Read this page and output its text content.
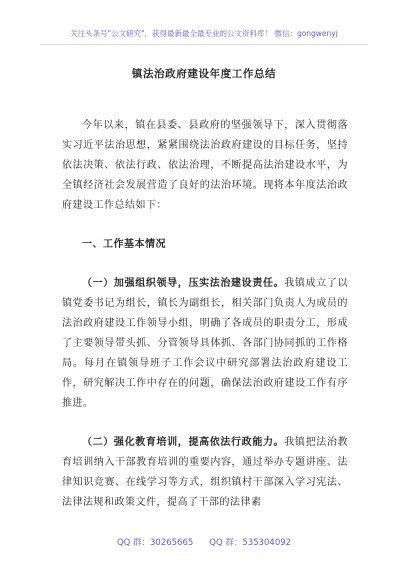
关注头条号"公文研究"，获得最新最全最专业的公文资料库！ 微信：gongwenyj
镇法治政府建设年度工作总结

今年以来，镇在县委、县政府的坚强领导下，深入贯彻落实习近平法治思想，紧紧围绕法治政府建设的目标任务，坚持依法决策、依法行政、依法治理，不断提高法治建设水平，为全镇经济社会发展营造了良好的法治环境。现将本年度法治政府建设工作总结如下：

一、工作基本情况

（一）加强组织领导，压实法治建设责任。我镇成立了以镇党委书记为组长，镇长为副组长，相关部门负责人为成员的法治政府建设工作领导小组，明确了各成员的职责分工，形成了主要领导带头抓、分管领导具体抓、各部门协同抓的工作格局。每月在镇领导班子工作会议中研究部署法治政府建设工作，研究解决工作中存在的问题，确保法治政府建设工作有序推进。

（二）强化教育培训，提高依法行政能力。我镇把法治教育培训纳入干部教育培训的重要内容，通过举办专题讲座、法律知识竞赛、在线学习等方式，组织镇村干部深入学习宪法、法律法规和政策文件，提高了干部的法律素

QQ 群：30265665 QQ 群：535304092
